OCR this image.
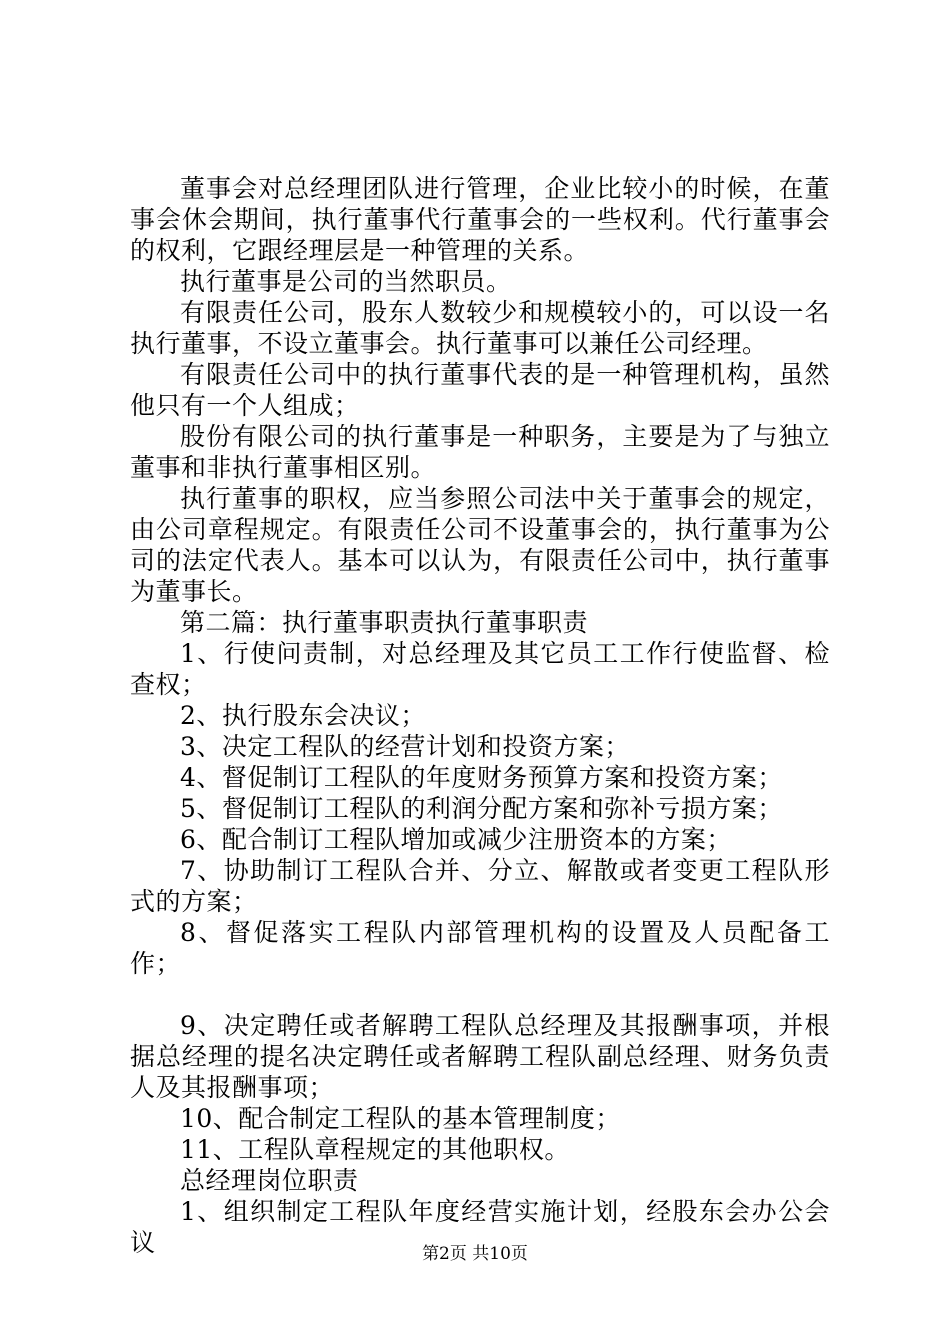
董事会对总经理团队进行管理，企业比较小的时候，在董事会休会期间，执行董事代行董事会的一些权利。代行董事会的权利，它跟经理层是一种管理的关系。

执行董事是公司的当然职员。

有限责任公司，股东人数较少和规模较小的，可以设一名执行董事，不设立董事会。执行董事可以兼任公司经理。

有限责任公司中的执行董事代表的是一种管理机构，虽然他只有一个人组成；

股份有限公司的执行董事是一种职务，主要是为了与独立董事和非执行董事相区别。

执行董事的职权，应当参照公司法中关于董事会的规定，由公司章程规定。有限责任公司不设董事会的，执行董事为公司的法定代表人。基本可以认为，有限责任公司中，执行董事为董事长。

第二篇：执行董事职责执行董事职责

1、行使问责制，对总经理及其它员工工作行使监督、检查权；

2、执行股东会决议；

3、决定工程队的经营计划和投资方案；

4、督促制订工程队的年度财务预算方案和投资方案；

5、督促制订工程队的利润分配方案和弥补亏损方案；

6、配合制订工程队增加或减少注册资本的方案；

7、协助制订工程队合并、分立、解散或者变更工程队形式的方案；

8、督促落实工程队内部管理机构的设置及人员配备工作；

9、决定聘任或者解聘工程队总经理及其报酬事项，并根据总经理的提名决定聘任或者解聘工程队副总经理、财务负责人及其报酬事项；

10、配合制定工程队的基本管理制度；

11、工程队章程规定的其他职权。

总经理岗位职责

1、组织制定工程队年度经营实施计划，经股东会办公会议	第2页 共10页
